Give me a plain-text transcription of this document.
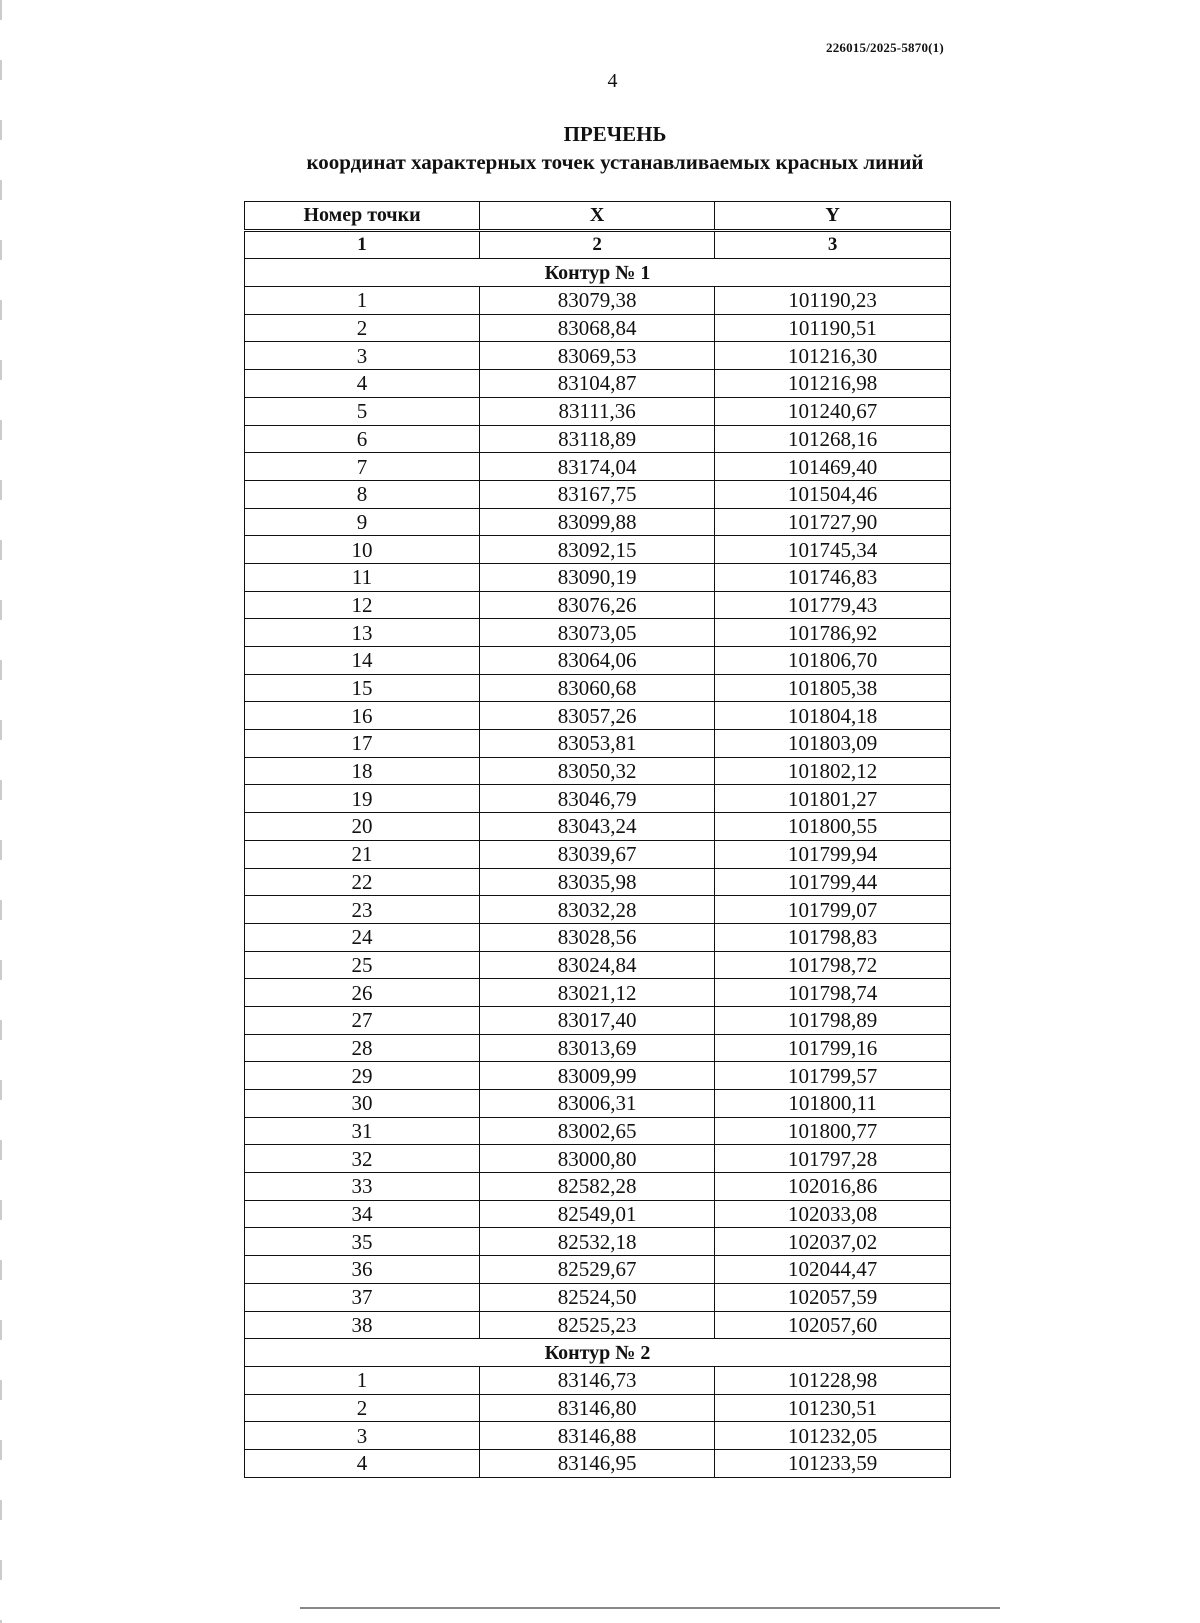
226015/2025-5870(1)
4
ПРЕЧЕНЬ
координат характерных точек устанавливаемых красных линий
Номер точки	X	Y
1	2	3
Контур № 1		
1	83079,38	101190,23
2	83068,84	101190,51
3	83069,53	101216,30
4	83104,87	101216,98
5	83111,36	101240,67
6	83118,89	101268,16
7	83174,04	101469,40
8	83167,75	101504,46
9	83099,88	101727,90
10	83092,15	101745,34
11	83090,19	101746,83
12	83076,26	101779,43
13	83073,05	101786,92
14	83064,06	101806,70
15	83060,68	101805,38
16	83057,26	101804,18
17	83053,81	101803,09
18	83050,32	101802,12
19	83046,79	101801,27
20	83043,24	101800,55
21	83039,67	101799,94
22	83035,98	101799,44
23	83032,28	101799,07
24	83028,56	101798,83
25	83024,84	101798,72
26	83021,12	101798,74
27	83017,40	101798,89
28	83013,69	101799,16
29	83009,99	101799,57
30	83006,31	101800,11
31	83002,65	101800,77
32	83000,80	101797,28
33	82582,28	102016,86
34	82549,01	102033,08
35	82532,18	102037,02
36	82529,67	102044,47
37	82524,50	102057,59
38	82525,23	102057,60
Контур № 2		
1	83146,73	101228,98
2	83146,80	101230,51
3	83146,88	101232,05
4	83146,95	101233,59
